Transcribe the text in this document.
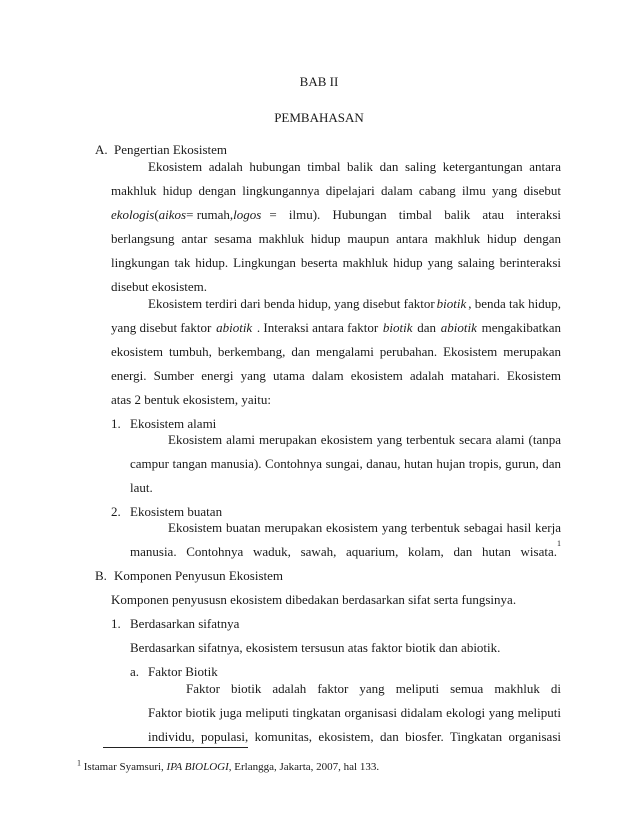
BAB II
PEMBAHASAN
A. Pengertian Ekosistem
Ekosistem adalah hubungan timbal balik dan saling ketergantungan antara
makhluk hidup dengan lingkungannya dipelajari dalam cabang ilmu yang disebut
ekologis ( aikos = rumah, logos = ilmu). Hubungan timbal balik atau interaksi
berlangsung antar sesama makhluk hidup maupun antara makhluk hidup dengan
lingkungan tak hidup. Lingkungan beserta makhluk hidup yang salaing berinteraksi
disebut ekosistem.
Ekosistem terdiri dari benda hidup, yang disebut faktor biotik , benda tak hidup,
yang disebut faktor abiotik . Interaksi antara faktor biotik dan abiotik mengakibatkan
ekosistem tumbuh, berkembang, dan mengalami perubahan. Ekosistem merupakan
energi. Sumber energi yang utama dalam ekosistem adalah matahari. Ekosistem
atas 2 bentuk ekosistem, yaitu:
1. Ekosistem alami
Ekosistem alami merupakan ekosistem yang terbentuk secara alami (tanpa
campur tangan manusia). Contohnya sungai, danau, hutan hujan tropis, gurun, dan
laut.
2. Ekosistem buatan
Ekosistem buatan merupakan ekosistem yang terbentuk sebagai hasil kerja
manusia. Contohnya waduk, sawah, aquarium, kolam, dan hutan wisata.
1
B. Komponen Penyusun Ekosistem
Komponen penyususn ekosistem dibedakan berdasarkan sifat serta fungsinya.
1. Berdasarkan sifatnya
Berdasarkan sifatnya, ekosistem tersusun atas faktor biotik dan abiotik.
a. Faktor Biotik
Faktor biotik adalah faktor yang meliputi semua makhluk di
Faktor biotik juga meliputi tingkatan organisasi didalam ekologi yang meliputi
individu, populasi, komunitas, ekosistem, dan biosfer. Tingkatan organisasi
$^1$ Istamar Syamsuri, IPA BIOLOGI, Erlangga, Jakarta, 2007, hal 133.
